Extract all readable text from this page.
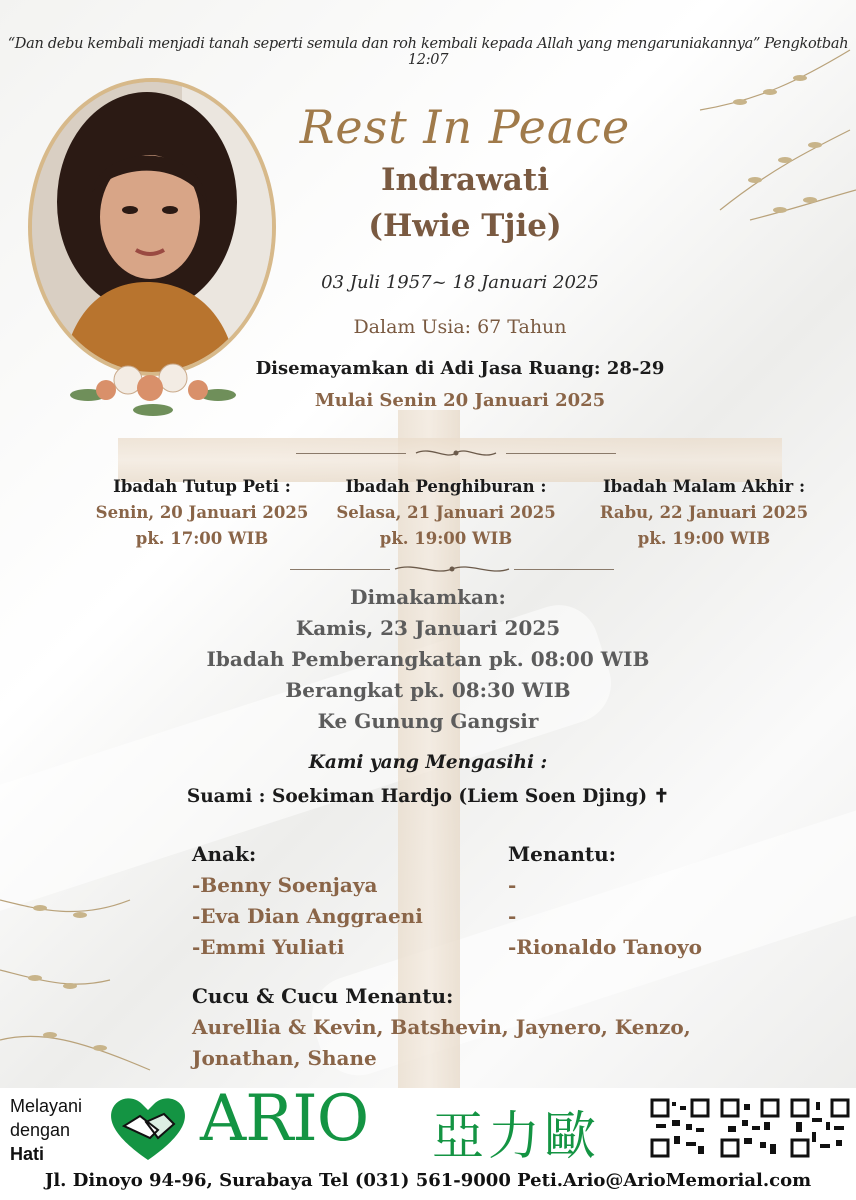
“Dan debu kembali menjadi tanah seperti semula dan roh kembali kepada Allah yang mengaruniakannya” Pengkotbah 12:07
Rest In Peace
Indrawati
(Hwie Tjie)
03 Juli 1957~ 18 Januari 2025
Dalam Usia: 67 Tahun
Disemayamkan di Adi Jasa Ruang: 28-29
Mulai Senin 20 Januari 2025
Ibadah Tutup Peti :
Senin, 20 Januari 2025
pk. 17:00 WIB
Ibadah Penghiburan :
Selasa, 21 Januari 2025
pk. 19:00 WIB
Ibadah Malam Akhir :
Rabu, 22 Januari 2025
pk. 19:00 WIB
Dimakamkan:
Kamis, 23 Januari 2025
Ibadah Pemberangkatan pk. 08:00 WIB
Berangkat pk. 08:30 WIB
Ke Gunung Gangsir
Kami yang Mengasihi :
Suami : Soekiman Hardjo (Liem Soen Djing) ✝
Anak:
-Benny Soenjaya
-Eva Dian Anggraeni
-Emmi Yuliati
Menantu:
-
-
-Rionaldo Tanoyo
Cucu & Cucu Menantu:
Aurellia & Kevin, Batshevin, Jaynero, Kenzo,
Jonathan, Shane
Melayani
dengan
Hati	ARIO 亞力歐
Jl. Dinoyo 94-96, Surabaya Tel (031) 561-9000 Peti.Ario@ArioMemorial.com
